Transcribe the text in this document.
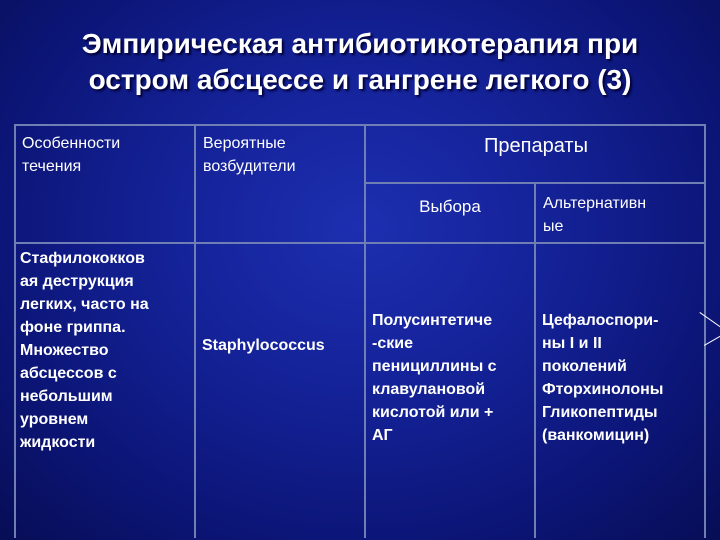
Эмпирическая антибиотикотерапия при
остром абсцессе и гангрене легкого (3)
Особенности
течения
Вероятные
возбудители
Препараты
Выбора	Альтернативн
ые
Стафилококков
ая деструкция
легких, часто на
фоне гриппа.
Множество
абсцессов с
небольшим
уровнем
жидкости
Staphylococcus
Полусинтетиче
-ские
пенициллины с
клавулановой
кислотой или +
АГ
Цефалоспори-
ны I и II
поколений
Фторхинолоны
Гликопептиды
(ванкомицин)
